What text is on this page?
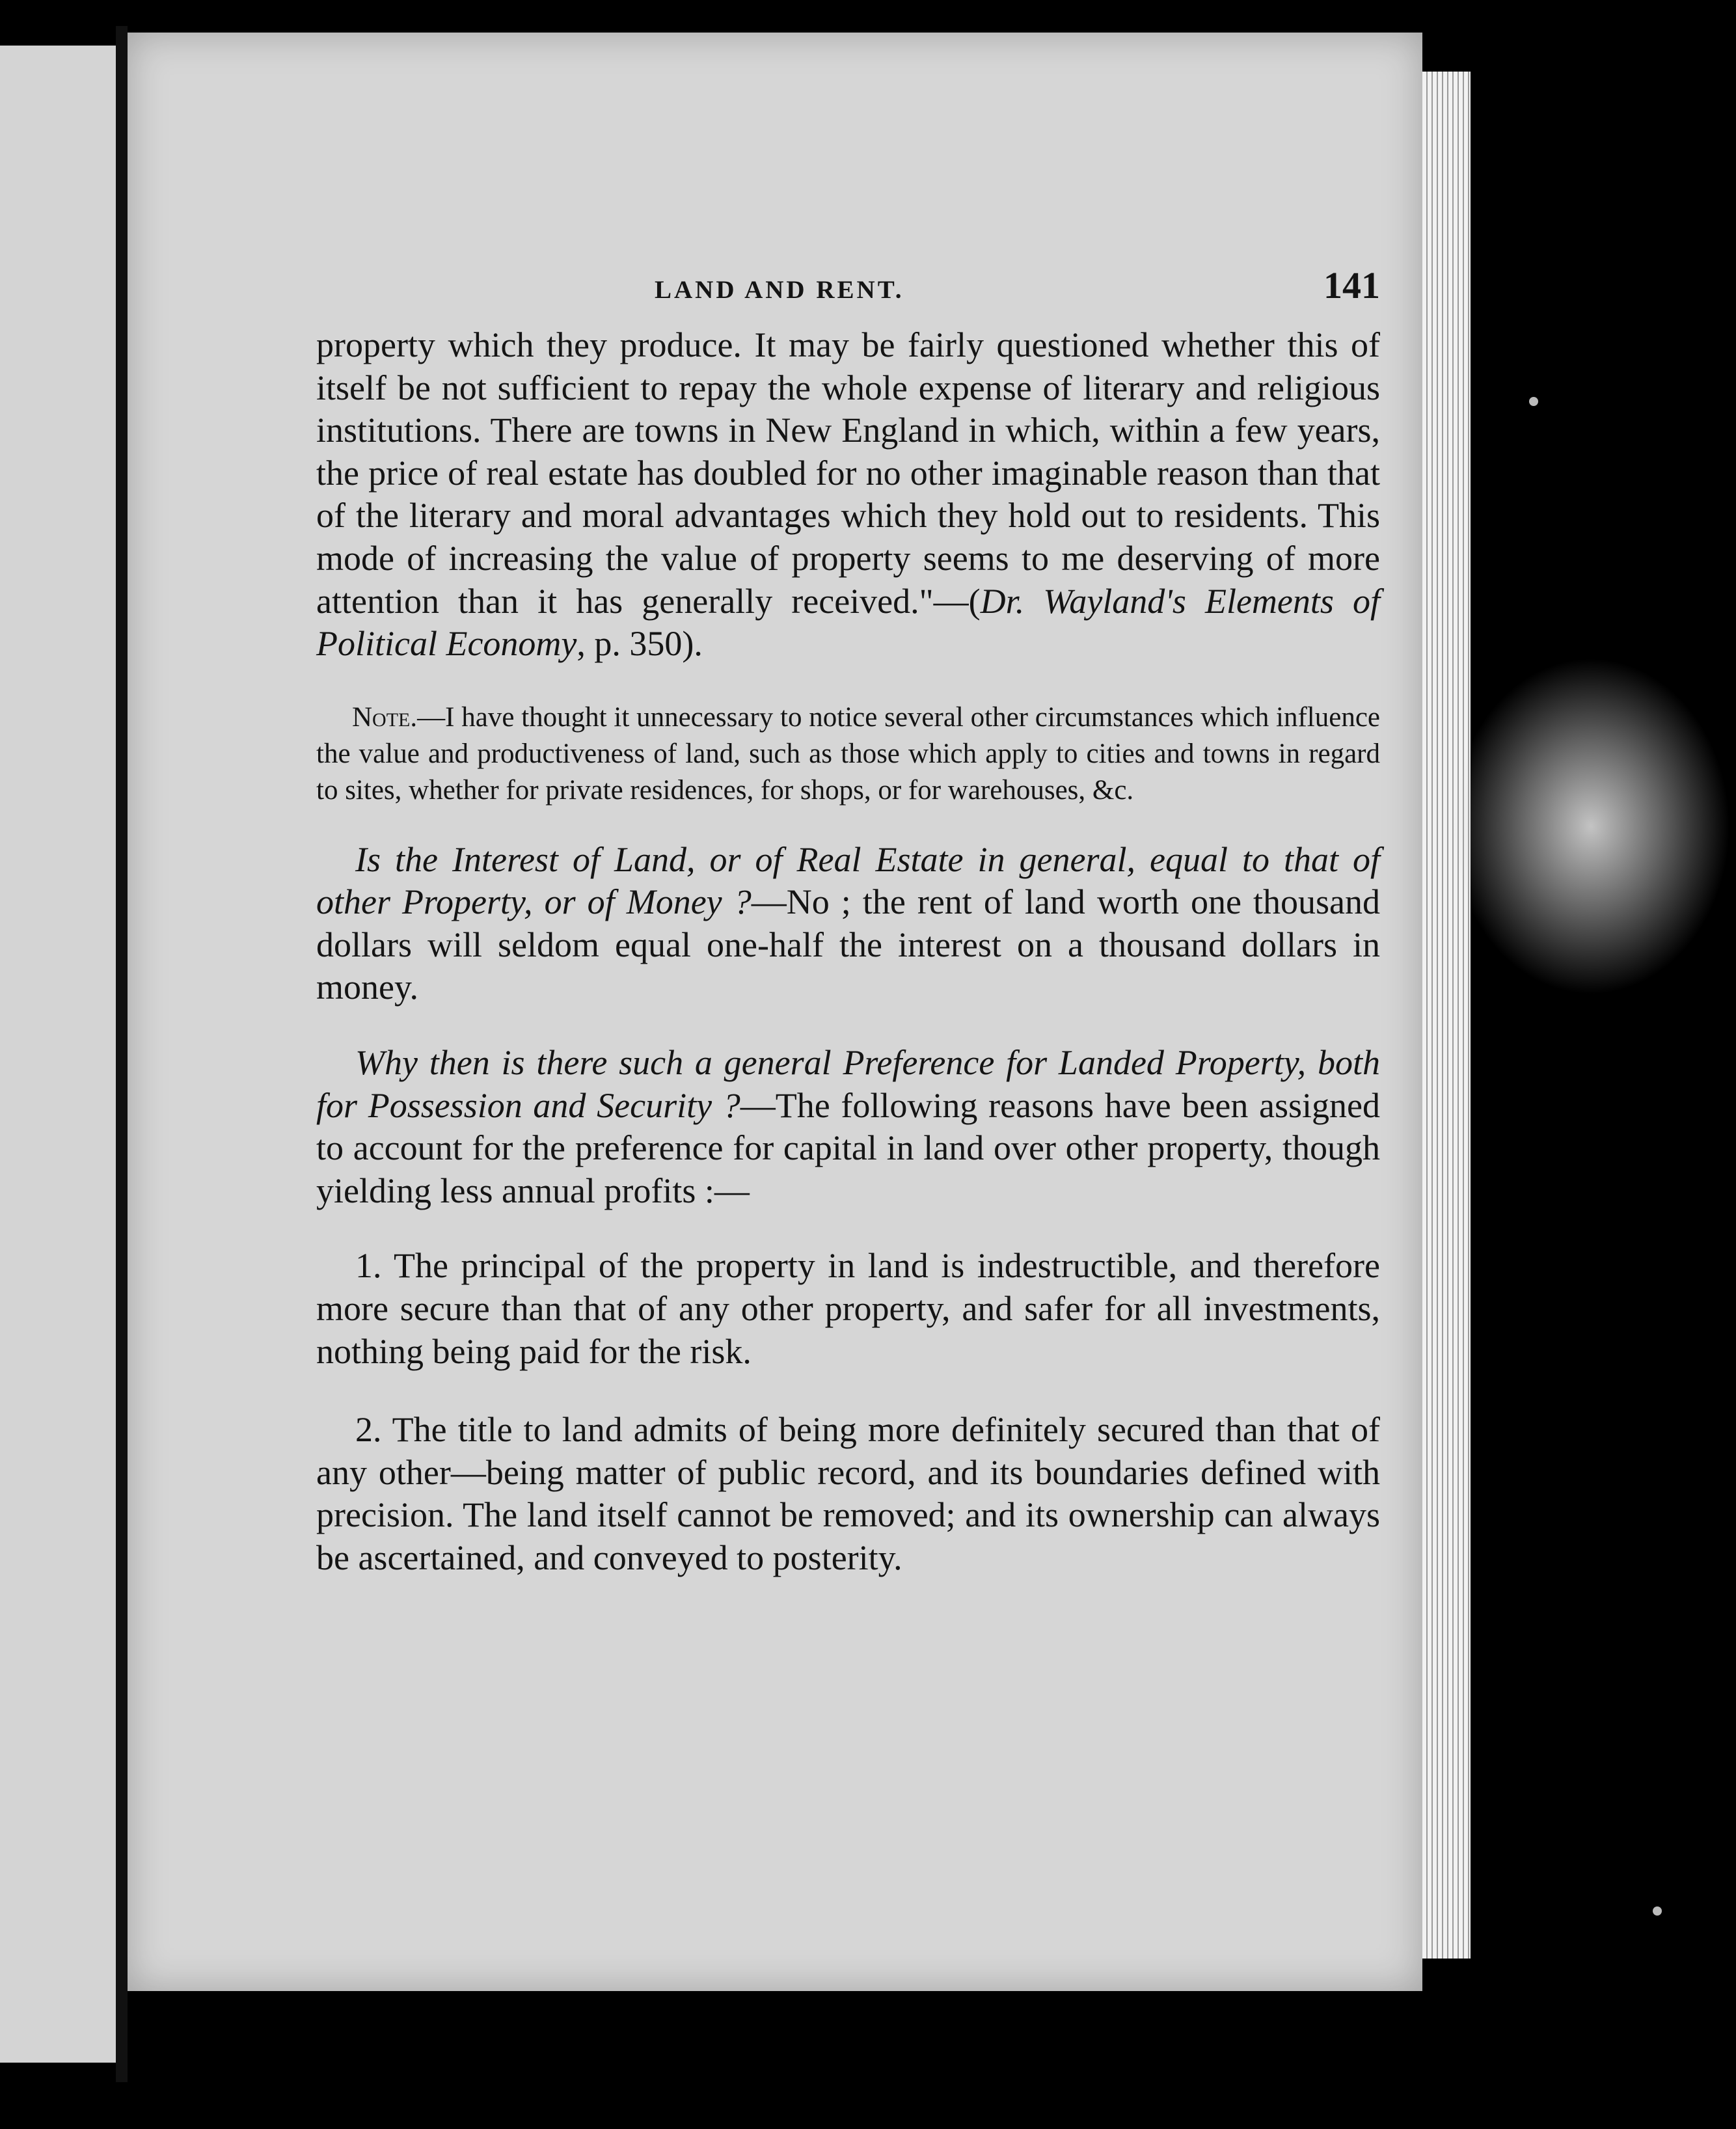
LAND AND RENT.	141

property which they produce. It may be fairly questioned whether this of itself be not sufficient to repay the whole expense of literary and religious institutions. There are towns in New England in which, within a few years, the price of real estate has doubled for no other imaginable reason than that of the literary and moral advantages which they hold out to residents. This mode of increasing the value of property seems to me deserving of more attention than it has generally received."—(Dr. Wayland's Elements of Political Economy, p. 350).

Note.—I have thought it unnecessary to notice several other circumstances which influence the value and productiveness of land, such as those which apply to cities and towns in regard to sites, whether for private residences, for shops, or for warehouses, &c.

Is the Interest of Land, or of Real Estate in general, equal to that of other Property, or of Money ?—No ; the rent of land worth one thousand dollars will seldom equal one-half the interest on a thousand dollars in money.

Why then is there such a general Preference for Landed Property, both for Possession and Security ?—The following reasons have been assigned to account for the preference for capital in land over other property, though yielding less annual profits :—

1. The principal of the property in land is indestructible, and therefore more secure than that of any other property, and safer for all investments, nothing being paid for the risk.

2. The title to land admits of being more definitely secured than that of any other—being matter of public record, and its boundaries defined with precision. The land itself cannot be removed; and its ownership can always be ascertained, and conveyed to posterity.
